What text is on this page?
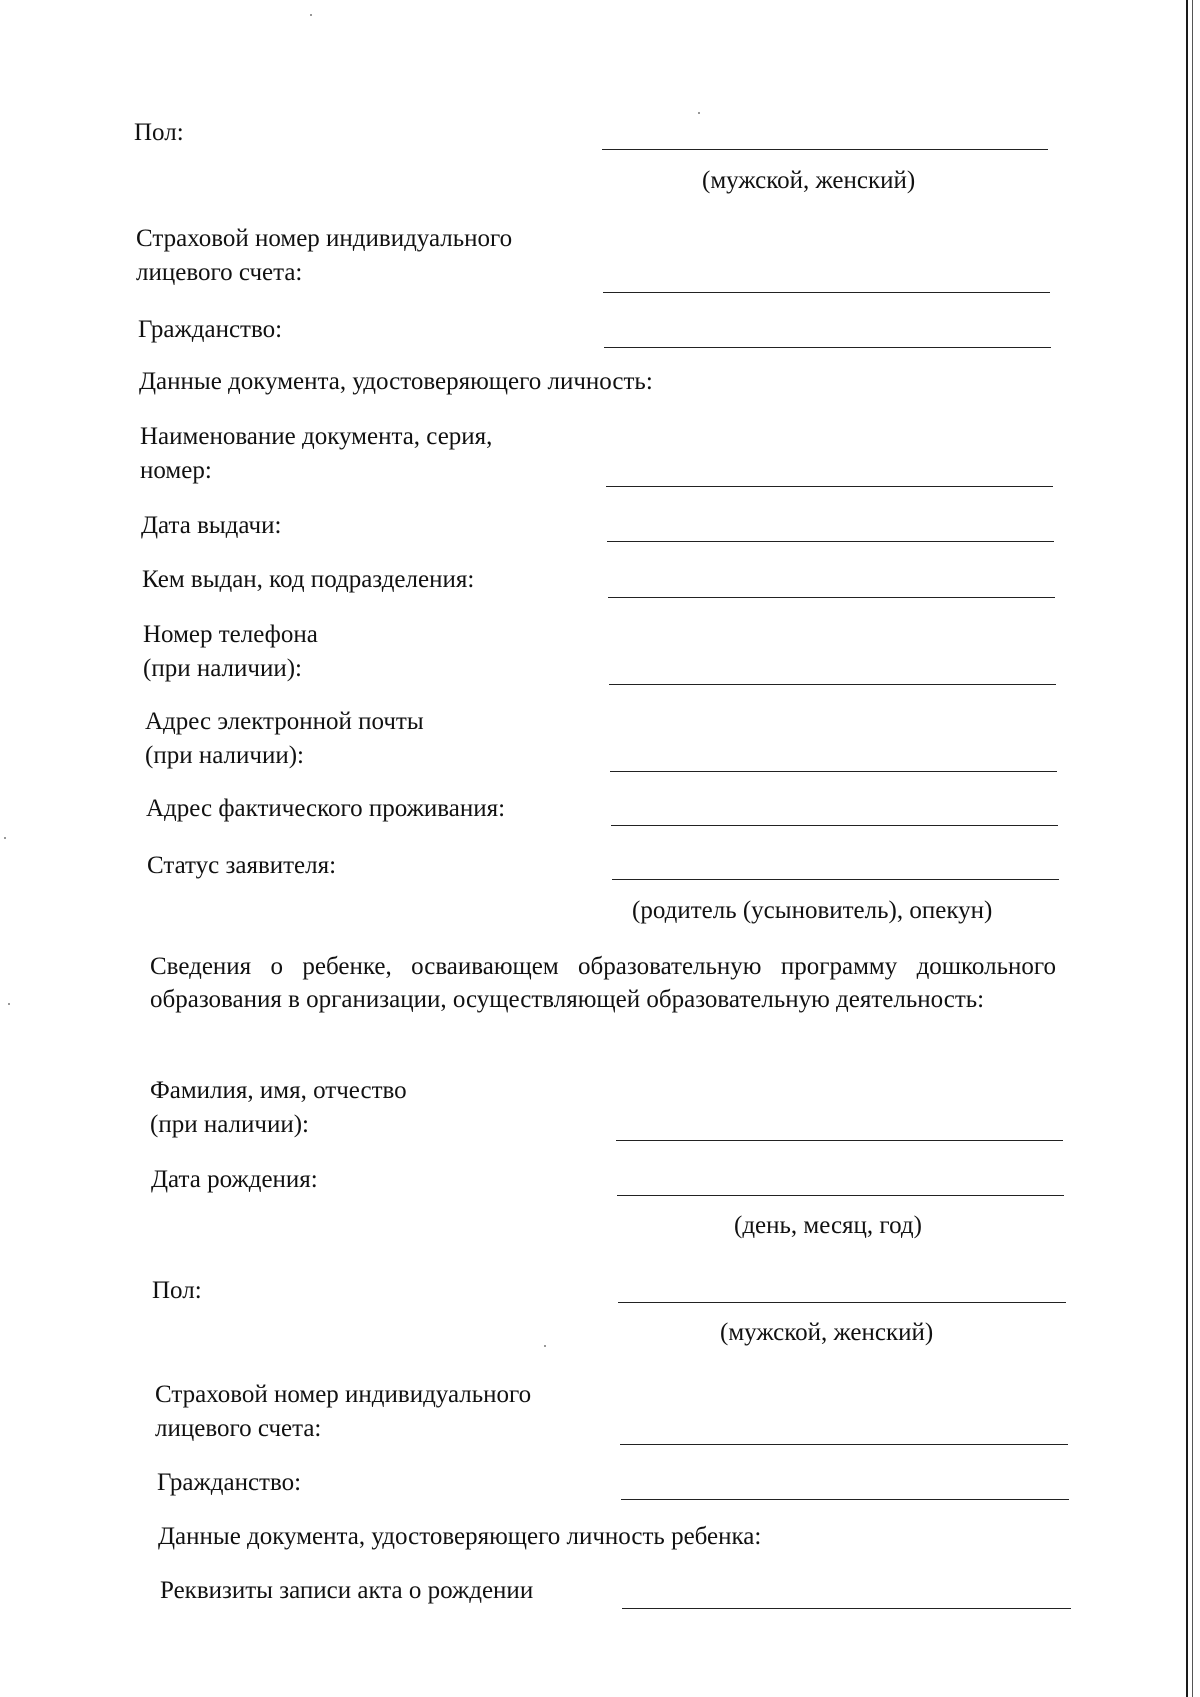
Пол:
(мужской, женский)
Страховой номер индивидуального
лицевого счета:
Гражданство:
Данные документа, удостоверяющего личность:
Наименование документа, серия,
номер:
Дата выдачи:
Кем выдан, код подразделения:
Номер телефона
(при наличии):
Адрес электронной почты
(при наличии):
Адрес фактического проживания:
Статус заявителя:
(родитель (усыновитель), опекун)
Сведения о ребенке, осваивающем образовательную программу дошкольного образования в организации, осуществляющей образовательную деятельность:
Фамилия, имя, отчество
(при наличии):
Дата рождения:
(день, месяц, год)
Пол:
(мужской, женский)
Страховой номер индивидуального
лицевого счета:
Гражданство:
Данные документа, удостоверяющего личность ребенка:
Реквизиты записи акта о рождении
